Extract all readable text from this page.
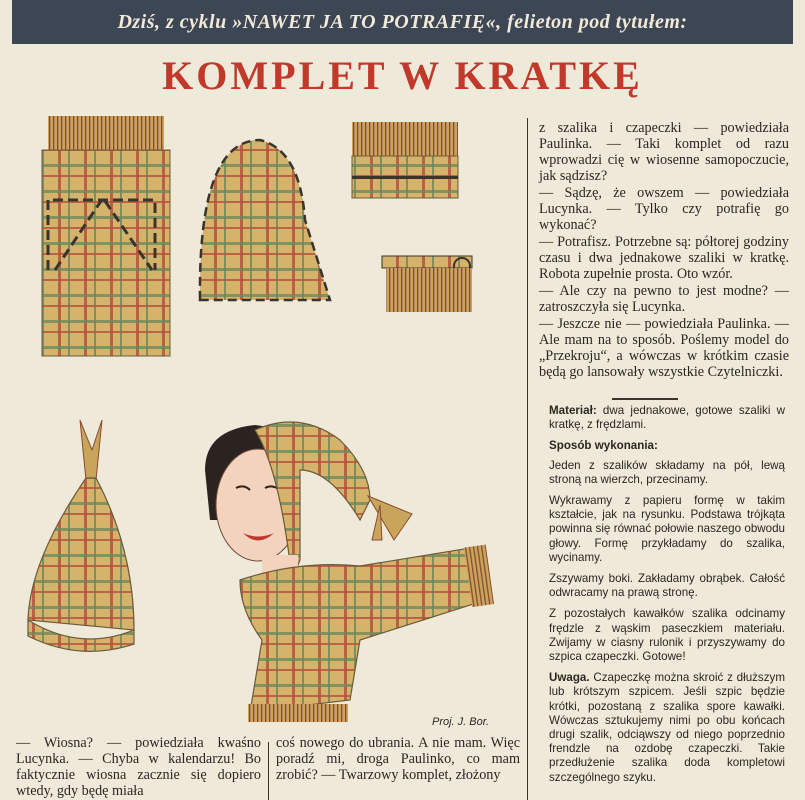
Dziś, z cyklu »NAWET JA TO POTRAFIĘ«, felieton pod tytułem:
KOMPLET W KRATKĘ
Proj. J. Bor.

— Wiosna? — powiedziała kwaśno Lucynka. — Chyba w kalendarzu! Bo faktycznie wiosna zacznie się dopiero wtedy, gdy będę miała

coś nowego do ubrania. A nie mam. Więc poradź mi, droga Paulinko, co mam zrobić? — Twarzowy komplet, złożony

z szalika i czapeczki — powiedziała Paulinka. — Taki komplet od razu wprowadzi cię w wiosenne samopoczucie, jak sądzisz?

— Sądzę, że owszem — powiedziała Lucynka. — Tylko czy potrafię go wykonać?

— Potrafisz. Potrzebne są: półtorej godziny czasu i dwa jednakowe szaliki w kratkę. Robota zupełnie prosta. Oto wzór.

— Ale czy na pewno to jest modne? — zatroszczyła się Lucynka.

— Jeszcze nie — powiedziała Paulinka. — Ale mam na to sposób. Poślemy model do „Przekroju“, a wówczas w krótkim czasie będą go lansowały wszystkie Czytelniczki.

Materiał: dwa jednakowe, gotowe szaliki w kratkę, z frędzlami.

Sposób wykonania:

Jeden z szalików składamy na pół, lewą stroną na wierzch, przecinamy.

Wykrawamy z papieru formę w takim kształcie, jak na rysunku. Podstawa trójkąta powinna się równać połowie naszego obwodu głowy. Formę przykładamy do szalika, wycinamy.

Zszywamy boki. Zakładamy obrąbek. Całość odwracamy na prawą stronę.

Z pozostałych kawałków szalika odcinamy frędzle z wąskim paseczkiem materiału. Zwijamy w ciasny rulonik i przyszywamy do szpica czapeczki. Gotowe!

Uwaga. Czapeczkę można skroić z dłuższym lub krótszym szpicem. Jeśli szpic będzie krótki, pozostaną z szalika spore kawałki. Wówczas sztukujemy nimi po obu końcach drugi szalik, odciąwszy od niego poprzednio frendzle na ozdobę czapeczki. Takie przedłużenie szalika doda kompletowi szczególnego szyku.
